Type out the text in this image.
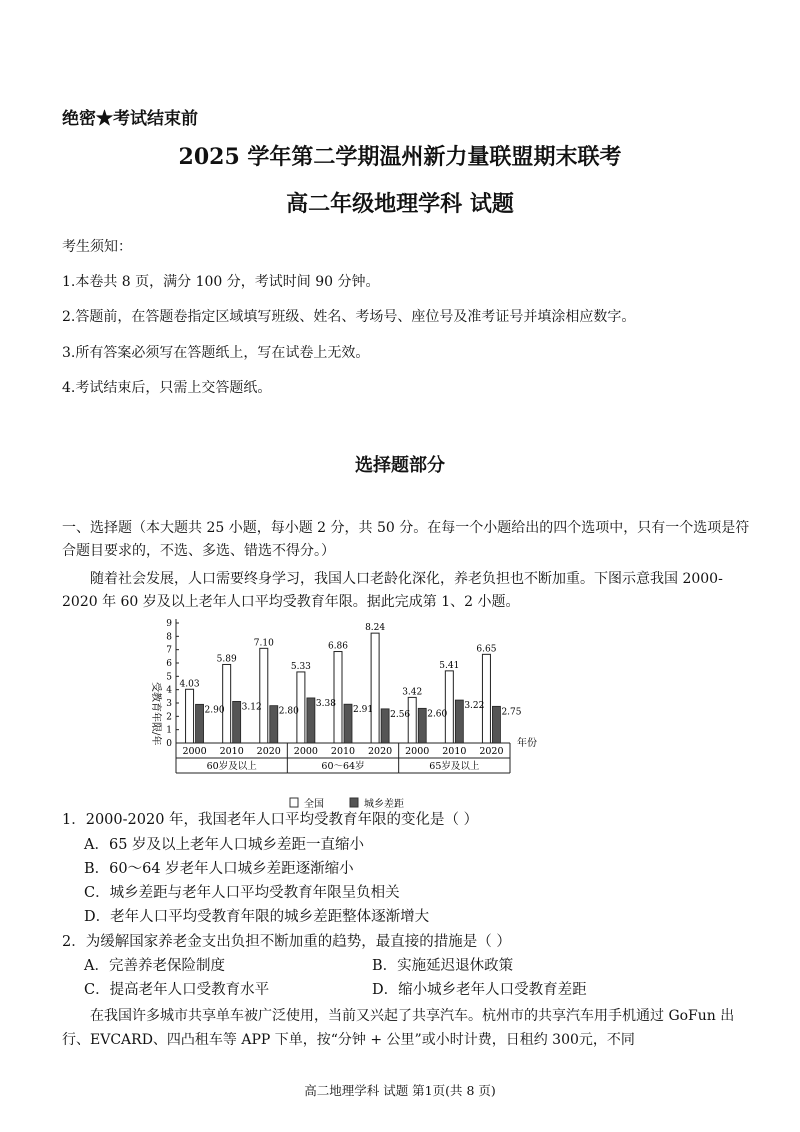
绝密★考试结束前
2025 学年第二学期温州新力量联盟期末联考
高二年级地理学科 试题
考生须知：
1.本卷共 8 页，满分 100 分，考试时间 90 分钟。
2.答题前，在答题卷指定区域填写班级、姓名、考场号、座位号及准考证号并填涂相应数字。
3.所有答案必须写在答题纸上，写在试卷上无效。
4.考试结束后，只需上交答题纸。
选择题部分
一、选择题（本大题共 25 小题，每小题 2 分，共 50 分。在每一个小题给出的四个选项中，只有一个选项是符合题目要求的，不选、多选、错选不得分。）
随着社会发展，人口需要终身学习，我国人口老龄化深化，养老负担也不断加重。下图示意我国 2000-2020 年 60 岁及以上老年人口平均受教育年限。据此完成第 1、2 小题。
0
1
2
3
4
5
6
7
8
9
60岁及以上
4.03
2.90
2000
5.89
3.12
2010
7.10
2.80
2020
60～64岁
5.33
3.38
2000
6.86
2.91
2010
8.24
2.56
2020
65岁及以上
3.42
2.60
2000
5.41
3.22
2010
6.65
2.75
2020
受教育年限/年	年份
全国	城乡差距
1．2000-2020 年，我国老年人口平均受教育年限的变化是（ ）
A．65 岁及以上老年人口城乡差距一直缩小
B．60～64 岁老年人口城乡差距逐渐缩小
C．城乡差距与老年人口平均受教育年限呈负相关
D．老年人口平均受教育年限的城乡差距整体逐渐增大
2．为缓解国家养老金支出负担不断加重的趋势，最直接的措施是（ ）
A．完善养老保险制度	B．实施延迟退休政策
C．提高老年人口受教育水平	D．缩小城乡老年人口受教育差距
在我国许多城市共享单车被广泛使用，当前又兴起了共享汽车。杭州市的共享汽车用手机通过 GoFun 出行、EVCARD、四凸租车等 APP 下单，按“分钟 + 公里”或小时计费，日租约 300元，不同
高二地理学科 试题 第1页(共 8 页)
